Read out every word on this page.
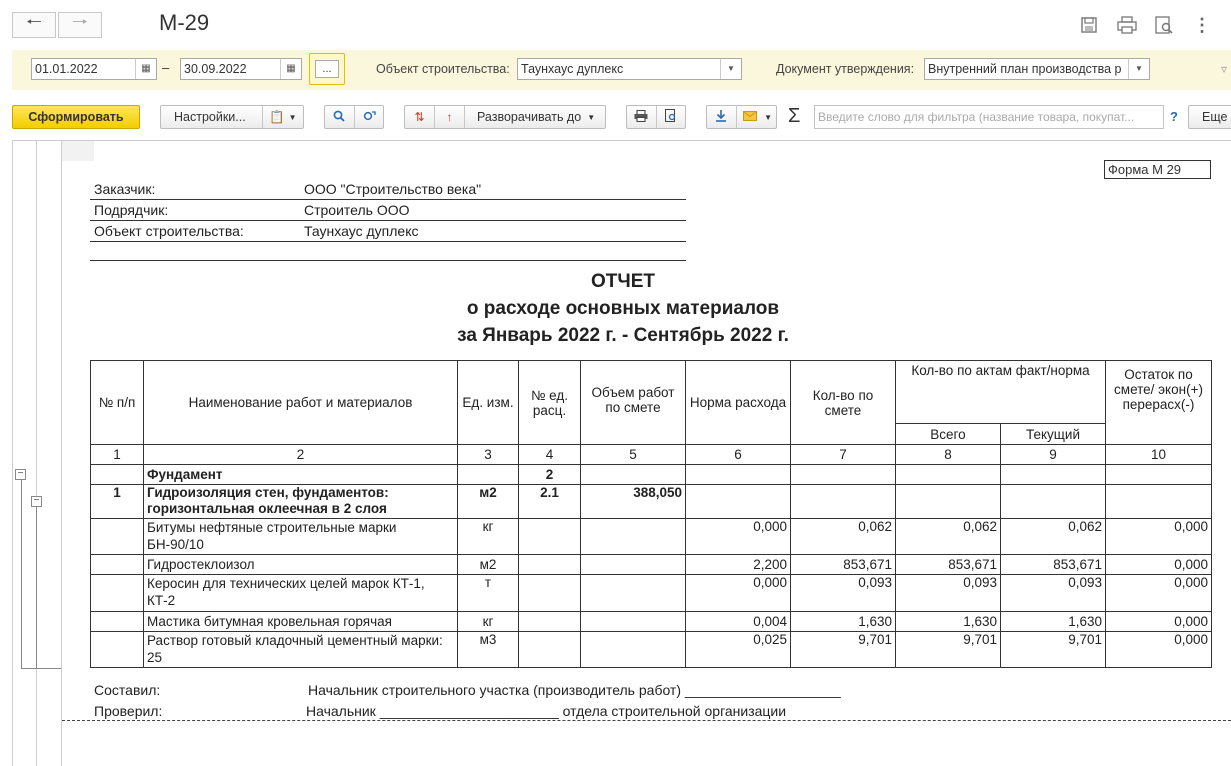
🠐 🠒	М-29	⋮
01.01.2022	▦ –	30.09.2022	▦	...	Объект строительства: Таунхаус дуплекс	▼	Документ утверждения:	Внутренний план производства р	▼	▿
Сформировать	Настройки...	📋 ▼	⇅	↑	Разворачивать до ▼	▼ Σ	Введите слово для фильтра (название товара, покупат...	?	Еще
−
−
Форма М 29
Заказчик:	ООО "Строительство века"
Подрядчик:	Строитель ООО
Объект строительства:	Таунхаус дуплекс
ОТЧЕТ
о расходе основных материалов
за Январь 2022 г. - Сентябрь 2022 г.
№ п/п	Наименование работ и материалов	Ед. изм.	№ ед. расц.	Объем работ по смете	Норма расхода	Кол-во по смете	Кол-во по актам факт/норма		Остаток по смете/ экон(+) перерасх(-)
							Всего	Текущий	
1	2	3	4	5	6	7	8	9	10
	Фундамент		2						
1	Гидроизоляция стен, фундаментов: горизонтальная оклеечная в 2 слоя	м2	2.1	388,050					
	Битумы нефтяные строительные марки БН-90/10	кг			0,000	0,062	0,062	0,062	0,000
	Гидростеклоизол	м2			2,200	853,671	853,671	853,671	0,000
	Керосин для технических целей марок КТ-1, КТ-2	т			0,000	0,093	0,093	0,093	0,000
	Мастика битумная кровельная горячая	кг			0,004	1,630	1,630	1,630	0,000
	Раствор готовый кладочный цементный марки: 25	м3			0,025	9,701	9,701	9,701	0,000
Составил:	Начальник строительного участка (производитель работ) ____________________
Проверил:	Начальник _______________________ отдела строительной организации
